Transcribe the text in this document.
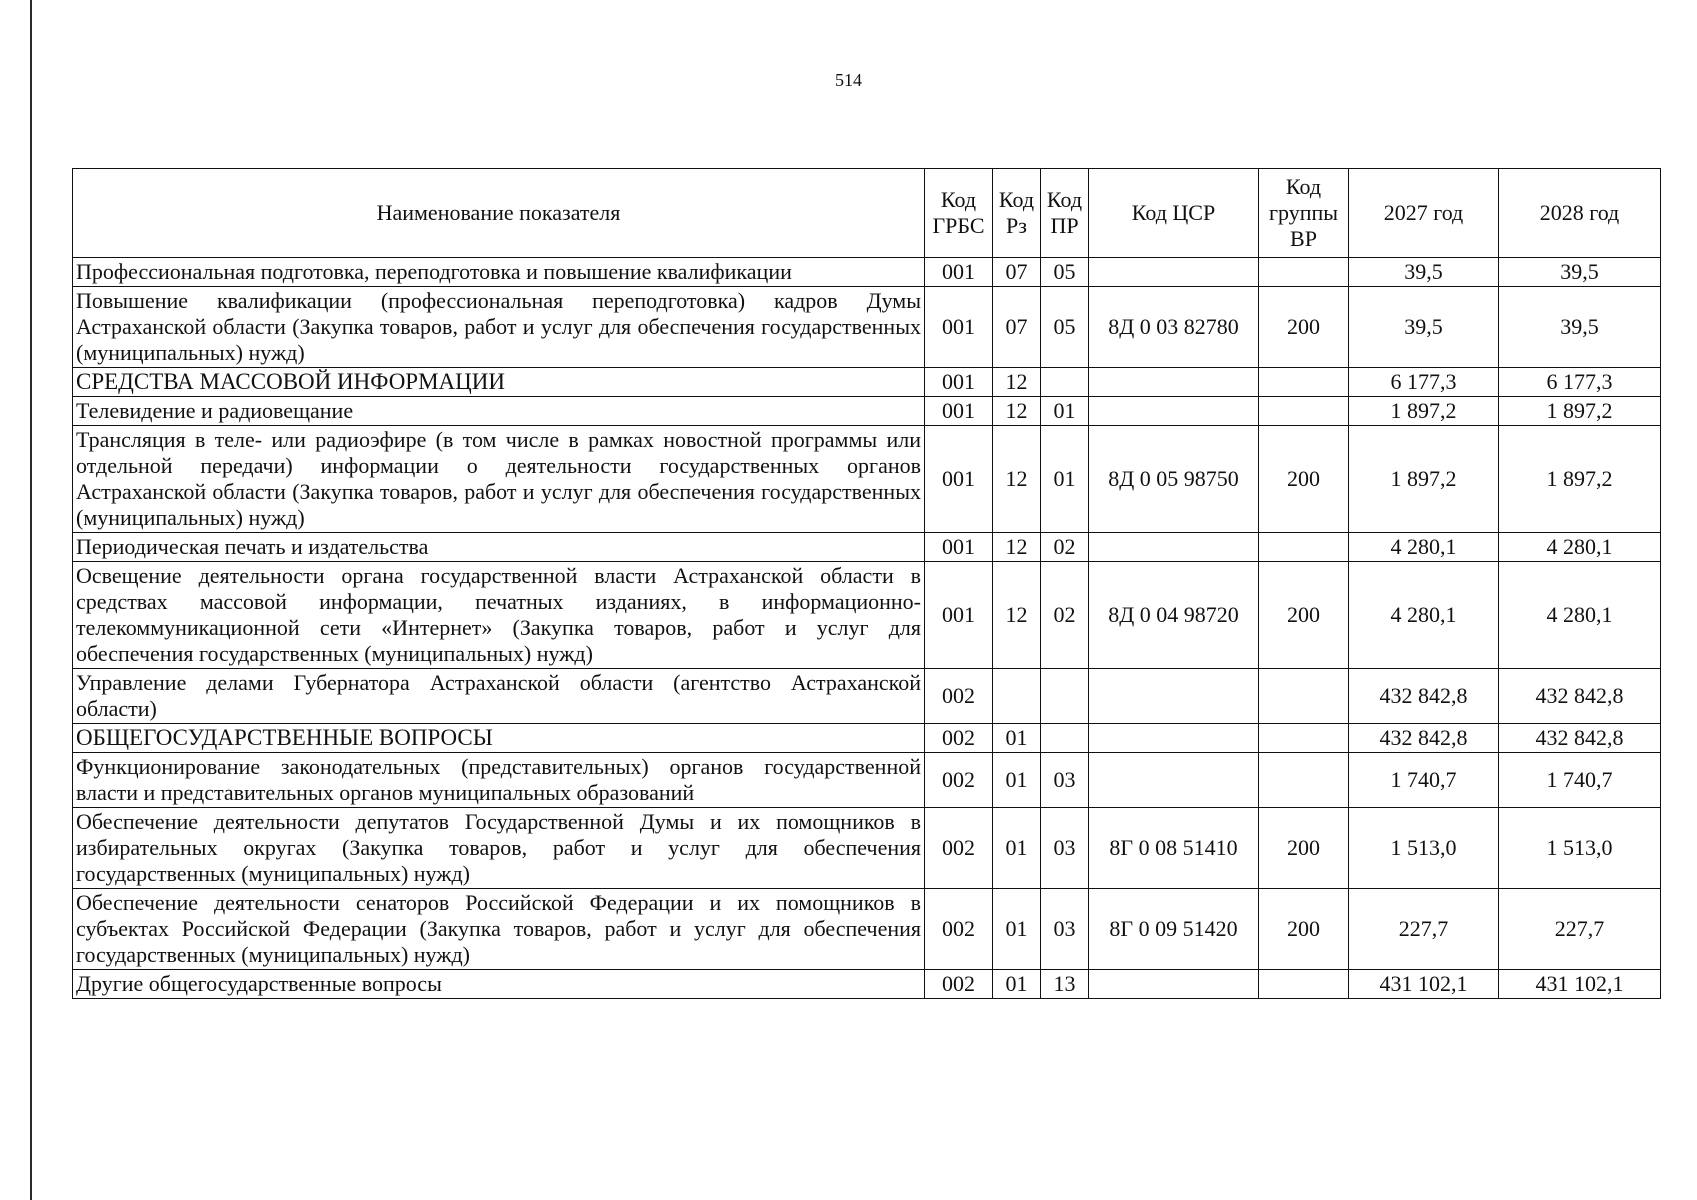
514
Наименование показателя	Код ГРБС	Код Рз	Код ПР	Код ЦСР	Код группы ВР	2027 год	2028 год
Профессиональная подготовка, переподготовка и повышение квалификации	001	07	05			39,5	39,5
Повышение квалификации (профессиональная переподготовка) кадров Думы Астраханской области (Закупка товаров, работ и услуг для обеспечения государственных (муниципальных) нужд)	001	07	05	8Д 0 03 82780	200	39,5	39,5
СРЕДСТВА МАССОВОЙ ИНФОРМАЦИИ	001	12				6 177,3	6 177,3
Телевидение и радиовещание	001	12	01			1 897,2	1 897,2
Трансляция в теле- или радиоэфире (в том числе в рамках новостной программы или отдельной передачи) информации о деятельности государственных органов Астраханской области (Закупка товаров, работ и услуг для обеспечения государственных (муниципальных) нужд)	001	12	01	8Д 0 05 98750	200	1 897,2	1 897,2
Периодическая печать и издательства	001	12	02			4 280,1	4 280,1
Освещение деятельности органа государственной власти Астраханской области в средствах массовой информации, печатных изданиях, в информационно-телекоммуникационной сети «Интернет» (Закупка товаров, работ и услуг для обеспечения государственных (муниципальных) нужд)	001	12	02	8Д 0 04 98720	200	4 280,1	4 280,1
Управление делами Губернатора Астраханской области (агентство Астраханской области)	002					432 842,8	432 842,8
ОБЩЕГОСУДАРСТВЕННЫЕ ВОПРОСЫ	002	01				432 842,8	432 842,8
Функционирование законодательных (представительных) органов государственной власти и представительных органов муниципальных образований	002	01	03			1 740,7	1 740,7
Обеспечение деятельности депутатов Государственной Думы и их помощников в избирательных округах (Закупка товаров, работ и услуг для обеспечения государственных (муниципальных) нужд)	002	01	03	8Г 0 08 51410	200	1 513,0	1 513,0
Обеспечение деятельности сенаторов Российской Федерации и их помощников в субъектах Российской Федерации (Закупка товаров, работ и услуг для обеспечения государственных (муниципальных) нужд)	002	01	03	8Г 0 09 51420	200	227,7	227,7
Другие общегосударственные вопросы	002	01	13			431 102,1	431 102,1
